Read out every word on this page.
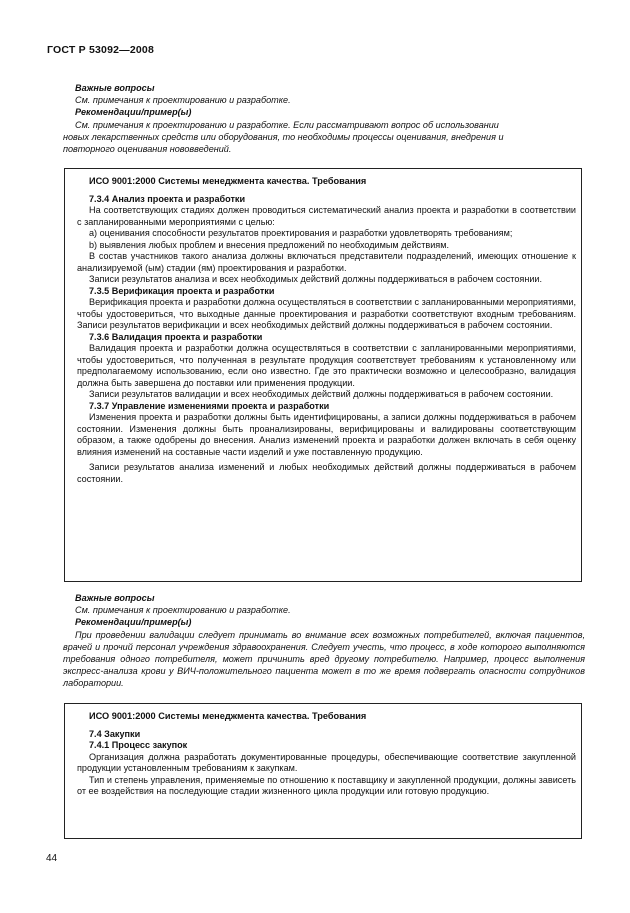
ГОСТ Р 53092—2008

Важные вопросы

См. примечания к проектированию и разработке.

Рекомендации/пример(ы)

См. примечания к проектированию и разработке. Если рассматривают вопрос об использовании

новых лекарственных средств или оборудования, то необходимы процессы оценивания, внедрения и

повторного оценивания нововведений.

ИСО 9001:2000 Системы менеджмента качества. Требования

7.3.4 Анализ проекта и разработки

На соответствующих стадиях должен проводиться систематический анализ проекта и разработки в соответствии с запланированными мероприятиями с целью:

a) оценивания способности результатов проектирования и разработки удовлетворять требованиям;

b) выявления любых проблем и внесения предложений по необходимым действиям.

В состав участников такого анализа должны включаться представители подразделений, имеющих отношение к анализируемой (ым) стадии (ям) проектирования и разработки.

Записи результатов анализа и всех необходимых действий должны поддерживаться в рабочем состоянии.

7.3.5 Верификация проекта и разработки

Верификация проекта и разработки должна осуществляться в соответствии с запланированными мероприятиями, чтобы удостовериться, что выходные данные проектирования и разработки соответствуют входным требованиям. Записи результатов верификации и всех необходимых действий должны поддерживаться в рабочем состоянии.

7.3.6 Валидация проекта и разработки

Валидация проекта и разработки должна осуществляться в соответствии с запланированными мероприятиями, чтобы удостовериться, что полученная в результате продукция соответствует требованиям к установленному или предполагаемому использованию, если оно известно. Где это практически возможно и целесообразно, валидация должна быть завершена до поставки или применения продукции.

Записи результатов валидации и всех необходимых действий должны поддерживаться в рабочем состоянии.

7.3.7 Управление изменениями проекта и разработки

Изменения проекта и разработки должны быть идентифицированы, а записи должны поддерживаться в рабочем состоянии. Изменения должны быть проанализированы, верифицированы и валидированы соответствующим образом, а также одобрены до внесения. Анализ изменений проекта и разработки должен включать в себя оценку влияния изменений на составные части изделий и уже поставленную продукцию.

Записи результатов анализа изменений и любых необходимых действий должны поддерживаться в рабочем состоянии.

Важные вопросы

См. примечания к проектированию и разработке.

Рекомендации/пример(ы)

При проведении валидации следует принимать во внимание всех возможных потребителей, включая пациентов, врачей и прочий персонал учреждения здравоохранения. Следует учесть, что процесс, в ходе которого выполняются требования одного потребителя, может причинить вред другому потребителю. Например, процесс выполнения экспресс-анализа крови у ВИЧ-положительного пациента может в то же время подвергать опасности сотрудников лаборатории.

ИСО 9001:2000 Системы менеджмента качества. Требования

7.4 Закупки

7.4.1 Процесс закупок

Организация должна разработать документированные процедуры, обеспечивающие соответствие закупленной продукции установленным требованиям к закупкам.

Тип и степень управления, применяемые по отношению к поставщику и закупленной продукции, должны зависеть от ее воздействия на последующие стадии жизненного цикла продукции или готовую продукцию.

44
